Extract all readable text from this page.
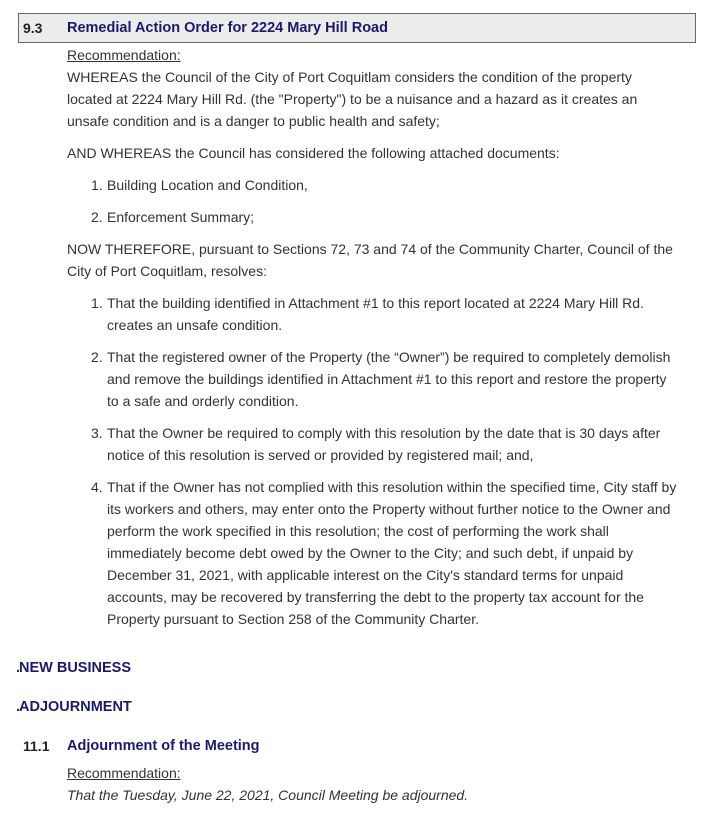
9.3 Remedial Action Order for 2224 Mary Hill Road

Recommendation:

WHEREAS the Council of the City of Port Coquitlam considers the condition of the property located at 2224 Mary Hill Rd. (the "Property") to be a nuisance and a hazard as it creates an unsafe condition and is a danger to public health and safety;

AND WHEREAS the Council has considered the following attached documents:

1. Building Location and Condition,
2. Enforcement Summary;

NOW THEREFORE, pursuant to Sections 72, 73 and 74 of the Community Charter, Council of the City of Port Coquitlam, resolves:

1. That the building identified in Attachment #1 to this report located at 2224 Mary Hill Rd. creates an unsafe condition.
2. That the registered owner of the Property (the “Owner”) be required to completely demolish and remove the buildings identified in Attachment #1 to this report and restore the property to a safe and orderly condition.
3. That the Owner be required to comply with this resolution by the date that is 30 days after notice of this resolution is served or provided by registered mail; and,
4. That if the Owner has not complied with this resolution within the specified time, City staff by its workers and others, may enter onto the Property without further notice to the Owner and perform the work specified in this resolution; the cost of performing the work shall immediately become debt owed by the Owner to the City; and such debt, if unpaid by December 31, 2021, with applicable interest on the City's standard terms for unpaid accounts, may be recovered by transferring the debt to the property tax account for the Property pursuant to Section 258 of the Community Charter.
.
NEW BUSINESS
.
ADJOURNMENT
11.1 Adjournment of the Meeting

Recommendation:

That the Tuesday, June 22, 2021, Council Meeting be adjourned.
